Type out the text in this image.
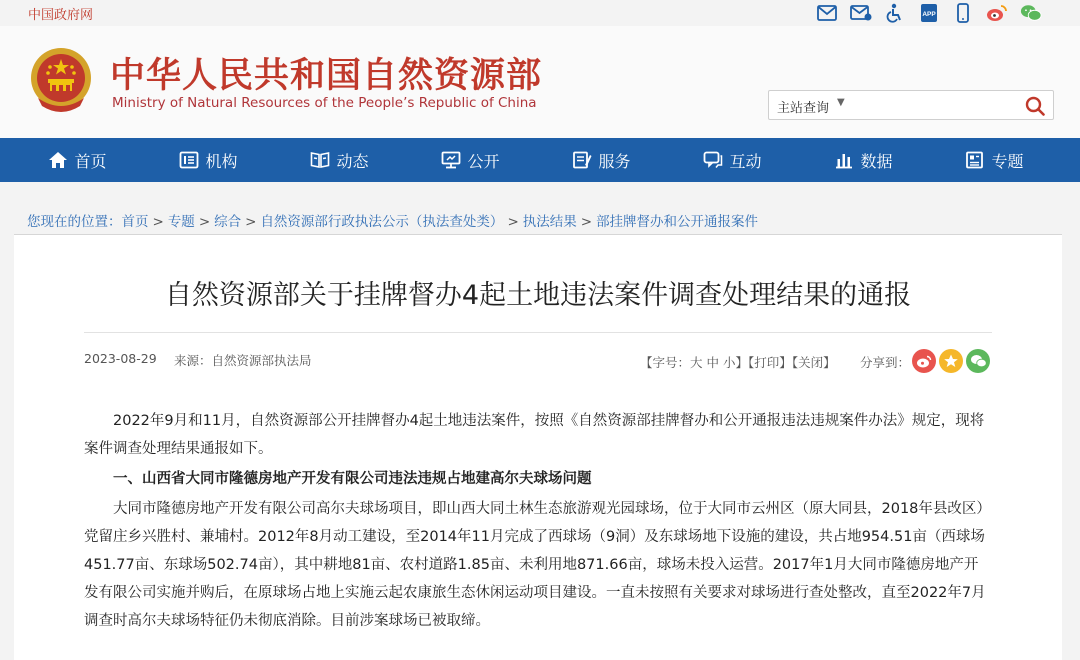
中国政府网	APP
中华人民共和国自然资源部
Ministry of Natural Resources of the People’s Republic of China	主站查询 ▼
首页	机构	动态	公开	服务	互动	数据	专题
您现在的位置：首页 > 专题 > 综合 > 自然资源部行政执法公示（执法查处类） > 执法结果 > 部挂牌督办和公开通报案件
自然资源部关于挂牌督办4起土地违法案件调查处理结果的通报
2023-08-29 来源：自然资源部执法局	【字号：大 中 小】【打印】【关闭】 分享到：

2022年9月和11月，自然资源部公开挂牌督办4起土地违法案件，按照《自然资源部挂牌督办和公开通报违法违规案件办法》规定，现将案件调查处理结果通报如下。

一、山西省大同市隆德房地产开发有限公司违法违规占地建高尔夫球场问题

大同市隆德房地产开发有限公司高尔夫球场项目，即山西大同土林生态旅游观光园球场，位于大同市云州区（原大同县，2018年县改区）党留庄乡兴胜村、兼埔村。2012年8月动工建设，至2014年11月完成了西球场（9洞）及东球场地下设施的建设，共占地954.51亩（西球场451.77亩、东球场502.74亩），其中耕地81亩、农村道路1.85亩、未利用地871.66亩，球场未投入运营。2017年1月大同市隆德房地产开发有限公司实施并购后，在原球场占地上实施云起农康旅生态休闲运动项目建设。一直未按照有关要求对球场进行查处整改，直至2022年7月调查时高尔夫球场特征仍未彻底消除。目前涉案球场已被取缔。
